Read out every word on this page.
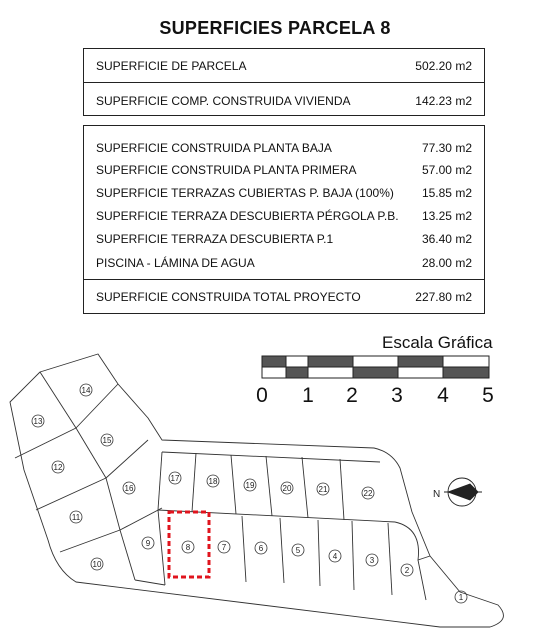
SUPERFICIES PARCELA 8
SUPERFICIE DE PARCELA	502.20 m2
SUPERFICIE COMP. CONSTRUIDA VIVIENDA	142.23 m2
SUPERFICIE CONSTRUIDA PLANTA BAJA	77.30 m2
SUPERFICIE CONSTRUIDA PLANTA PRIMERA	57.00 m2
SUPERFICIE TERRAZAS CUBIERTAS P. BAJA (100%) 15.85 m2
SUPERFICIE TERRAZA DESCUBIERTA PÉRGOLA P.B. 13.25 m2
SUPERFICIE TERRAZA DESCUBIERTA P.1	36.40 m2
PISCINA - LÁMINA DE AGUA	28.00 m2
SUPERFICIE CONSTRUIDA TOTAL PROYECTO	227.80 m2
Escala Gráfica
0 1 2 3 4 5
1
2
3
4
5
6
7
8
9
10
11
12
13
14
15
16
17	18	19	20	21	22	N
